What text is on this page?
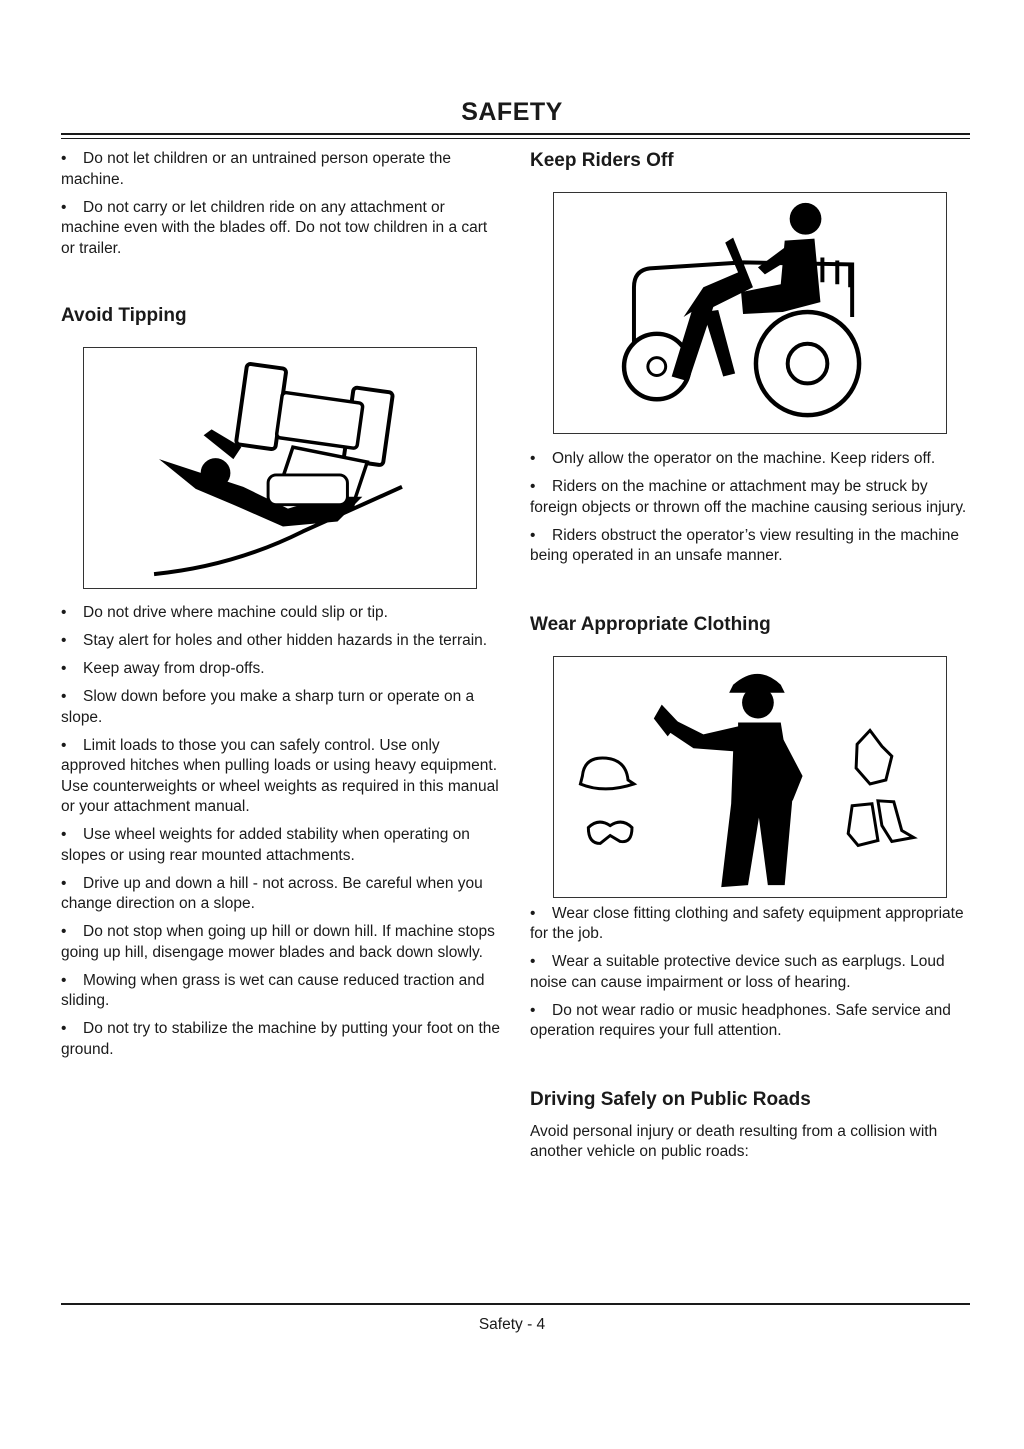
SAFETY
• Do not let children or an untrained person operate the machine.
• Do not carry or let children ride on any attachment or machine even with the blades off. Do not tow children in a cart or trailer.
Avoid Tipping
• Do not drive where machine could slip or tip.
• Stay alert for holes and other hidden hazards in the terrain.
• Keep away from drop-offs.
• Slow down before you make a sharp turn or operate on a slope.
• Limit loads to those you can safely control. Use only approved hitches when pulling loads or using heavy equipment. Use counterweights or wheel weights as required in this manual or your attachment manual.
• Use wheel weights for added stability when operating on slopes or using rear mounted attachments.
• Drive up and down a hill - not across. Be careful when you change direction on a slope.
• Do not stop when going up hill or down hill. If machine stops going up hill, disengage mower blades and back down slowly.
• Mowing when grass is wet can cause reduced traction and sliding.
• Do not try to stabilize the machine by putting your foot on the ground.
Keep Riders Off
• Only allow the operator on the machine. Keep riders off.
• Riders on the machine or attachment may be struck by foreign objects or thrown off the machine causing serious injury.
• Riders obstruct the operator’s view resulting in the machine being operated in an unsafe manner.
Wear Appropriate Clothing
• Wear close fitting clothing and safety equipment appropriate for the job.
• Wear a suitable protective device such as earplugs. Loud noise can cause impairment or loss of hearing.
• Do not wear radio or music headphones. Safe service and operation requires your full attention.
Driving Safely on Public Roads

Avoid personal injury or death resulting from a collision with another vehicle on public roads:

Safety - 4
